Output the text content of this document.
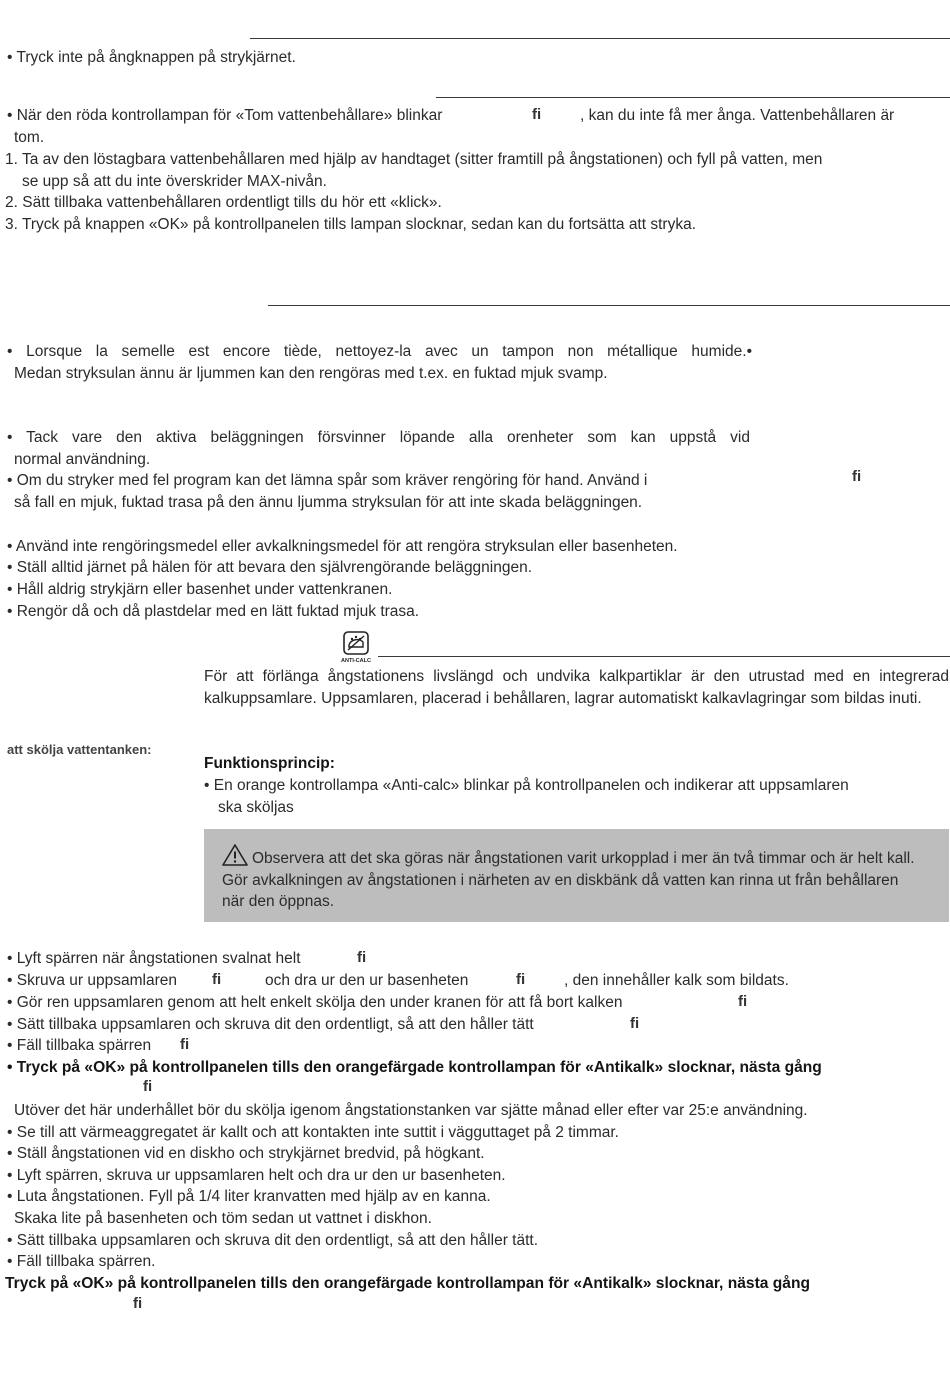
• Tryck inte på ångknappen på strykjärnet.
• När den röda kontrollampan för «Tom vattenbehållare» blinkar	ﬁ	, kan du inte få mer ånga. Vattenbehållaren är
tom.
1. Ta av den löstagbara vattenbehållaren med hjälp av handtaget (sitter framtill på ångstationen) och fyll på vatten, men
se upp så att du inte överskrider MAX-nivån.
2. Sätt tillbaka vattenbehållaren ordentligt tills du hör ett «klick».
3. Tryck på knappen «OK» på kontrollpanelen tills lampan slocknar, sedan kan du fortsätta att stryka.
• Lorsque la semelle est encore tiède, nettoyez-la avec un tampon non métallique humide.•
Medan stryksulan ännu är ljummen kan den rengöras med t.ex. en fuktad mjuk svamp.
• Tack vare den aktiva beläggningen försvinner löpande alla orenheter som kan uppstå vid
normal användning.
• Om du stryker med fel program kan det lämna spår som kräver rengöring för hand. Använd i	ﬁ
så fall en mjuk, fuktad trasa på den ännu ljumma stryksulan för att inte skada beläggningen.
• Använd inte rengöringsmedel eller avkalkningsmedel för att rengöra stryksulan eller basenheten.
• Ställ alltid järnet på hälen för att bevara den självrengörande beläggningen.
• Håll aldrig strykjärn eller basenhet under vattenkranen.
• Rengör då och då plastdelar med en lätt fuktad mjuk trasa.
ANTI-CALC
att skölja vattentanken:
För att förlänga ångstationens livslängd och undvika kalkpartiklar är den utrustad med en integrerad kalkuppsamlare. Uppsamlaren, placerad i behållaren, lagrar automatiskt kalkavlagringar som bildas inuti.
Funktionsprincip:
• En orange kontrollampa «Anti-calc» blinkar på kontrollpanelen och indikerar att uppsamlaren
ska sköljas
Observera att det ska göras när ångstationen varit urkopplad i mer än två timmar och är helt kall. Gör avkalkningen av ångstationen i närheten av en diskbänk då vatten kan rinna ut från behållaren när den öppnas.
• Lyft spärren när ångstationen svalnat helt	ﬁ
• Skruva ur uppsamlaren ﬁ	och dra ur den ur basenheten	ﬁ	, den innehåller kalk som bildats.
• Gör ren uppsamlaren genom att helt enkelt skölja den under kranen för att få bort kalken	ﬁ
• Sätt tillbaka uppsamlaren och skruva dit den ordentligt, så att den håller tätt	ﬁ
• Fäll tillbaka spärren ﬁ
• Tryck på «OK» på kontrollpanelen tills den orangefärgade kontrollampan för «Antikalk» slocknar, nästa gång
ﬁ
Utöver det här underhållet bör du skölja igenom ångstationstanken var sjätte månad eller efter var 25:e användning.
• Se till att värmeaggregatet är kallt och att kontakten inte suttit i vägguttaget på 2 timmar.
• Ställ ångstationen vid en diskho och strykjärnet bredvid, på högkant.
• Lyft spärren, skruva ur uppsamlaren helt och dra ur den ur basenheten.
• Luta ångstationen. Fyll på 1/4 liter kranvatten med hjälp av en kanna.
Skaka lite på basenheten och töm sedan ut vattnet i diskhon.
• Sätt tillbaka uppsamlaren och skruva dit den ordentligt, så att den håller tätt.
• Fäll tillbaka spärren.
Tryck på «OK» på kontrollpanelen tills den orangefärgade kontrollampan för «Antikalk» slocknar, nästa gång
ﬁ
